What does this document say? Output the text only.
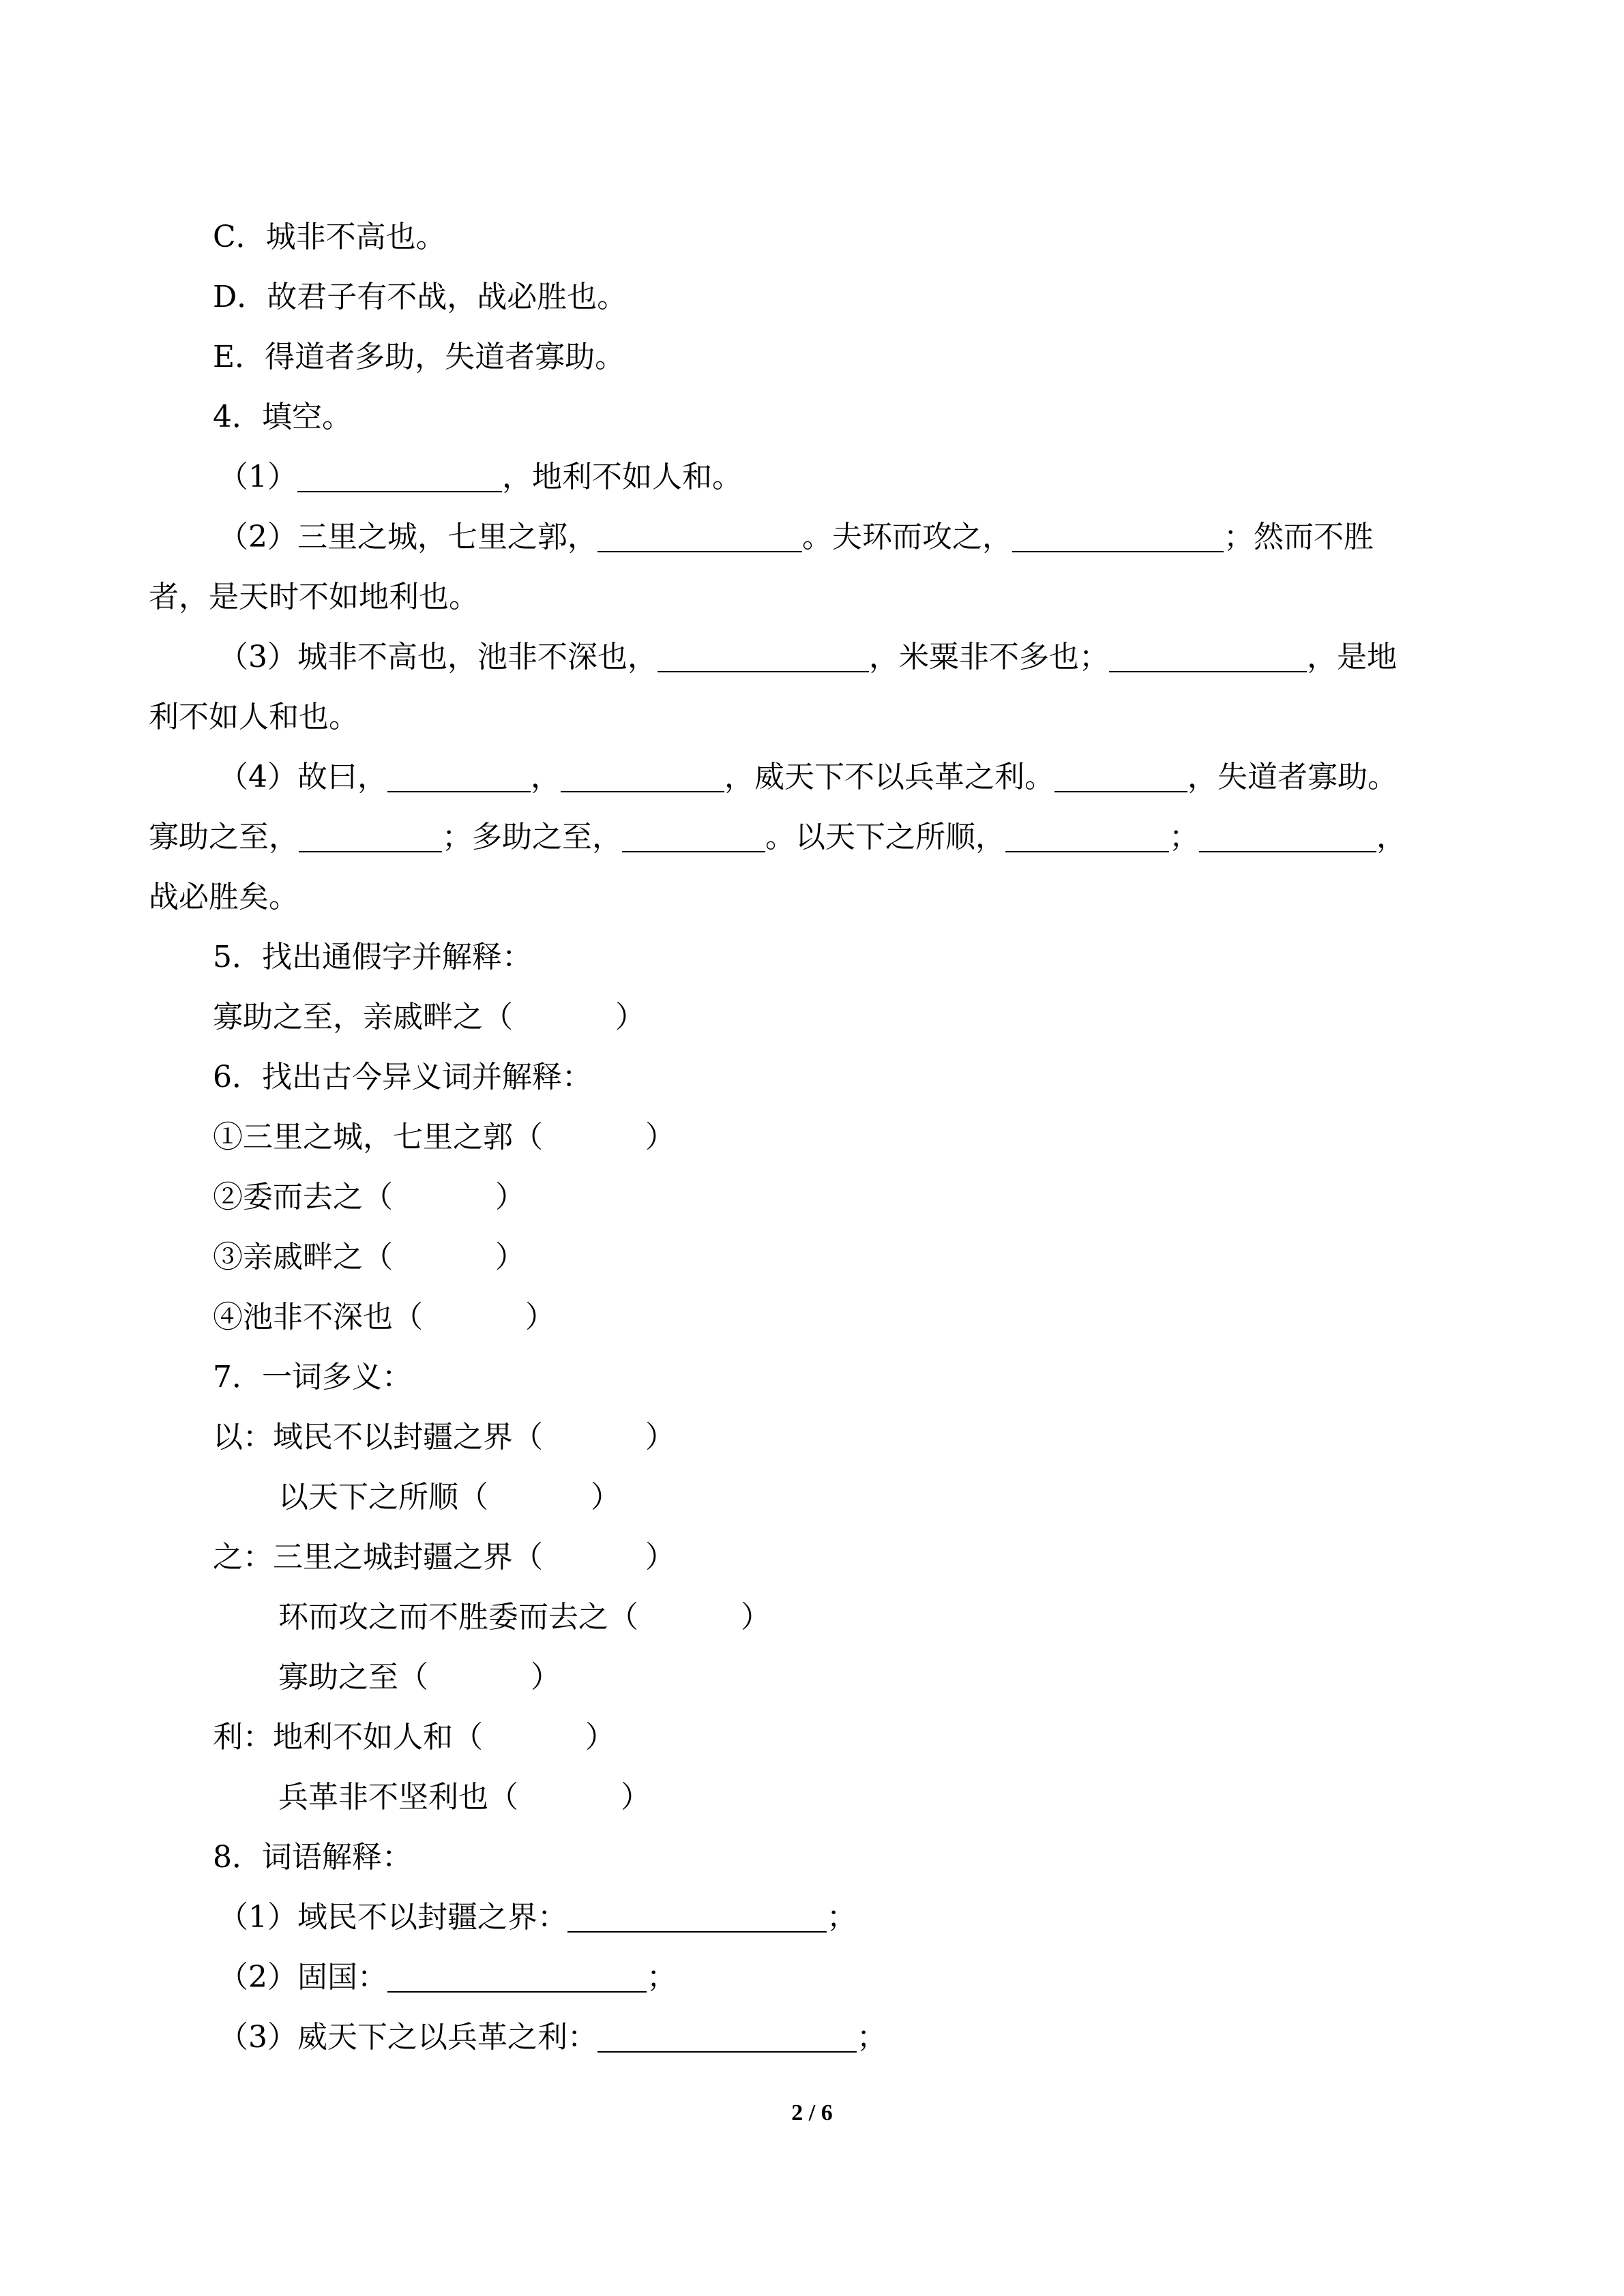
C．城非不高也。
D．故君子有不战，战必胜也。
E．得道者多助，失道者寡助。
4．填空。
（1）	，地利不如人和。
（2）三里之城，七里之郭，	。夫环而攻之，	；然而不胜
者，是天时不如地利也。
（3）城非不高也，池非不深也，	，米粟非不多也；	，是地
利不如人和也。
（4）故曰，	，	，威天下不以兵革之利。	，失道者寡助。
寡助之至，	；多助之至，	。以天下之所顺，	；	，
战必胜矣。
5．找出通假字并解释：
寡助之至，亲戚畔之（	）
6．找出古今异义词并解释：
①三里之城，七里之郭（	）
②委而去之（	）
③亲戚畔之（	）
④池非不深也（	）
7．一词多义：
以：域民不以封疆之界（	）
以天下之所顺（	）
之：三里之城封疆之界（	）
环而攻之而不胜委而去之（	）
寡助之至（	）
利：地利不如人和（	）
兵革非不坚利也（	）
8．词语解释：
（1）域民不以封疆之界：	；
（2）固国：	；
（3）威天下之以兵革之利：	；
2 / 6
